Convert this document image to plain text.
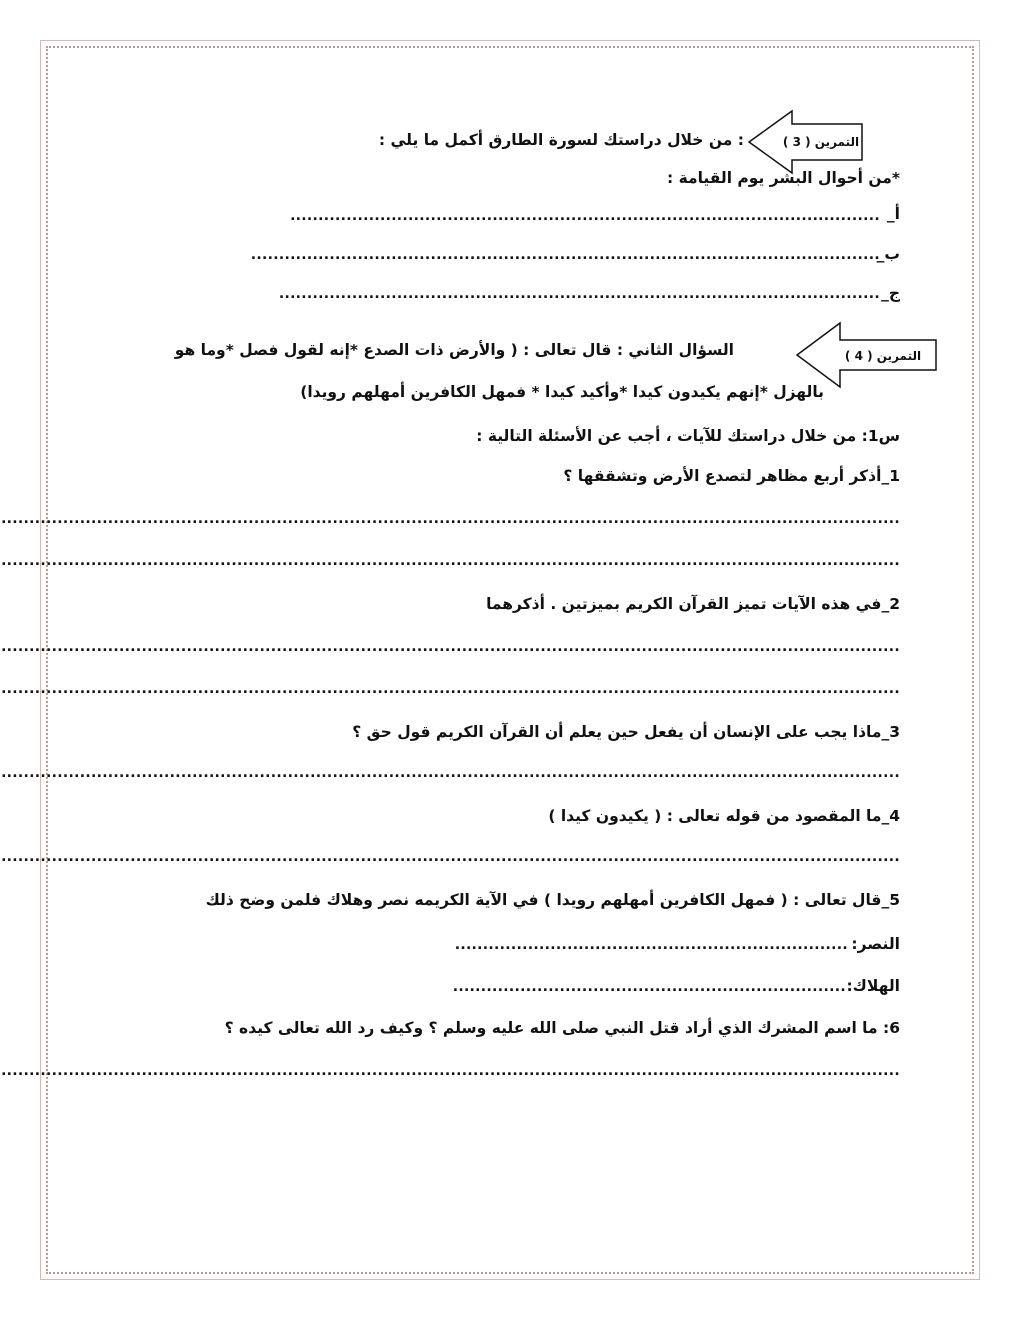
التمرين ( 3 )
: من خلال دراستك لسورة الطارق أكمل ما يلي :
*من أحوال البشر يوم القيامة :
أ_
.........................................................................................................
ب_
................................................................................................................
ج_
...........................................................................................................
التمرين ( 4 )
السؤال الثاني : قال تعالى : ( والأرض ذات الصدع *إنه لقول فصل *وما هو
بالهزل *إنهم يكيدون كيدا *وأكيد كيدا * فمهل الكافرين أمهلهم رويدا)
س1: من خلال دراستك للآيات ، أجب عن الأسئلة التالية :
1_أذكر أربع مظاهر لتصدع الأرض وتشققها ؟
................................................................................................................................................................
................................................................................................................................................................
2_في هذه الآيات تميز القرآن الكريم بميزتين . أذكرهما
................................................................................................................................................................
................................................................................................................................................................
3_ماذا يجب على الإنسان أن يفعل حين يعلم أن القرآن الكريم قول حق ؟
................................................................................................................................................................
4_ما المقصود من قوله تعالى : ( يكيدون كيدا )
................................................................................................................................................................
5_قال تعالى : ( فمهل الكافرين أمهلهم رويدا ) في الآية الكريمه نصر وهلاك فلمن وضح ذلك
النصر:
......................................................................
الهلاك:
......................................................................
6: ما اسم المشرك الذي أراد قتل النبي صلى الله عليه وسلم ؟ وكيف رد الله تعالى كيده ؟
................................................................................................................................................................
